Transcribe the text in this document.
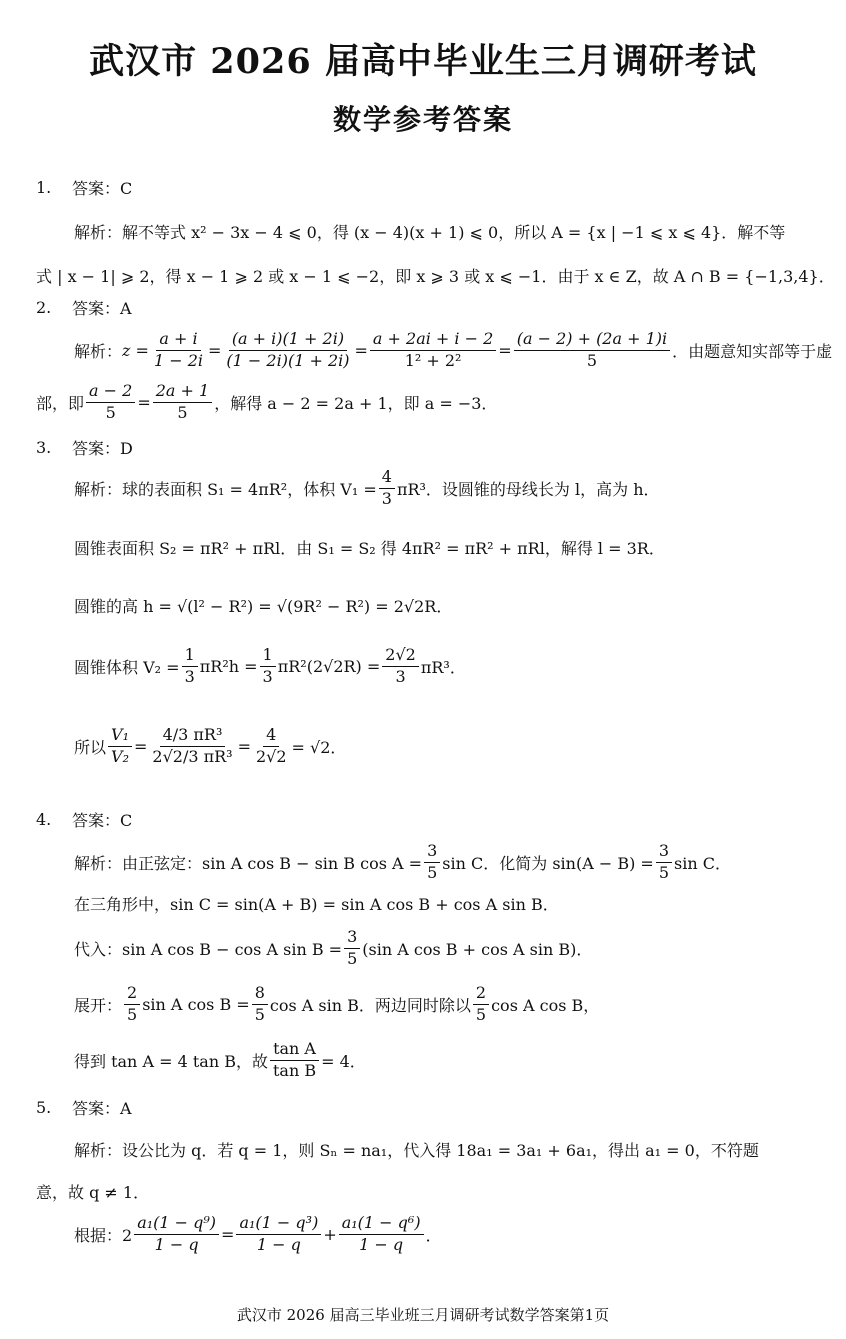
武汉市 2026 届高中毕业生三月调研考试
数学参考答案
1.	答案：C
解析：解不等式 x² − 3x − 4 ⩽ 0，得 (x − 4)(x + 1) ⩽ 0，所以 A = {x | −1 ⩽ x ⩽ 4}．解不等
式 | x − 1| ⩾ 2，得 x − 1 ⩾ 2 或 x − 1 ⩽ −2，即 x ⩾ 3 或 x ⩽ −1．由于 x ∈ Z，故 A ∩ B = {−1,3,4}．
2.	答案：A
解析： $z = \frac{a + i}{1 - 2i} = \frac{(a + i)(1 + 2i)}{(1 - 2i)(1 + 2i)} = \frac{a + 2ai + i - 2}{\text{1² + 2²}} = \frac{(a - 2) + (2a + 1)i}{5}$ ．由题意知实部等于虚
部，即 $\frac{a - 2}{5} = \frac{2a + 1}{5}$ ，解得 a − 2 = 2a + 1，即 a = −3．
3.	答案：D
解析：球的表面积 S₁ = 4πR²，体积 $V_1 = \frac{4}{3} \pi R^3$．设圆锥的母线长为 l，高为 h．
圆锥表面积 S₂ = πR² + πRl．由 S₁ = S₂ 得 4πR² = πR² + πRl，解得 l = 3R．
圆锥的高 h = √(l² − R²) = √(9R² − R²) = 2√2R．
圆锥体积 $V_2 = \frac{1}{3} \pi R^2h = \frac{1}{3} \pi R^2(2√2R) = \frac{2√2}{3} \pi R^3$．
所以 $\frac{\text{V₁}}{\text{V₂}} = \frac{\text{4/3 πR³}}{\text{2√2/3 πR³}} = \frac{4}{2√2} = √2$．
4.	答案：C
解析：由正弦定：sin A cos B − sin B $\cos A = \frac{3}{5}$ sin C．化简为 $\sin(A - B) = \frac{3}{5}$ sin C．
在三角形中，sin C = sin(A + B) = sin A cos B + cos A sin B．
代入：sin A cos B − cos A $\sin B = \frac{3}{5} (\sin$ A cos B + cos A sin B)．
展开： $\frac{2}{5}$ sin A $\cos B = \frac{8}{5}$ cos A sin B．两边同时除以 $\frac{2}{5}$ cos A cos B，
得到 tan A = 4 tan B，故 $\frac{\text{tan A}}{\text{tan B}} = 4$．
5.	答案：A
解析：设公比为 q．若 q = 1，则 Sₙ = na₁，代入得 18a₁ = 3a₁ + 6a₁，得出 a₁ = 0，不符题
意，故 q ≠ 1．
根据：$2 \frac{\text{a₁(1 − q⁹)}}{1 - q} = \frac{\text{a₁(1 − q³)}}{1 - q} + \frac{\text{a₁(1 − q⁶)}}{1 - q}$ ．
武汉市 2026 届高三毕业班三月调研考试数学答案第1页
